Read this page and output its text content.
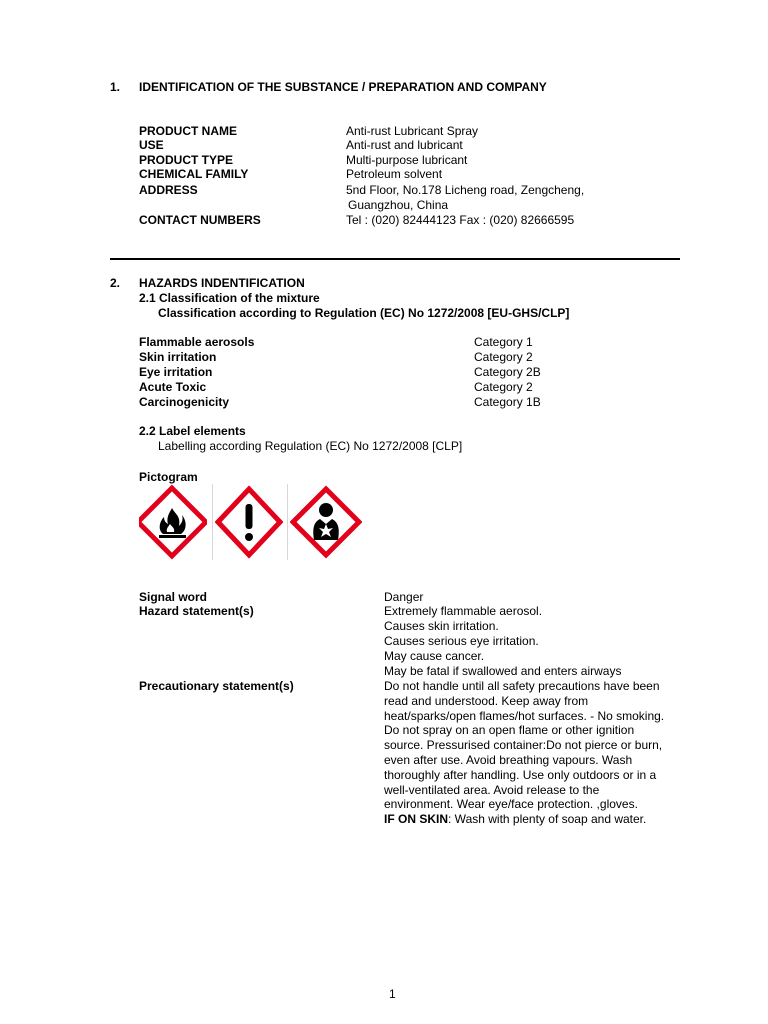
1. IDENTIFICATION OF THE SUBSTANCE / PREPARATION AND COMPANY
PRODUCT NAME	Anti-rust Lubricant Spray
USE	Anti-rust and lubricant
PRODUCT TYPE	Multi-purpose lubricant
CHEMICAL FAMILY	Petroleum solvent
ADDRESS	5nd Floor, No.178 Licheng road, Zengcheng,
Guangzhou, China
CONTACT NUMBERS	Tel : (020) 82444123 Fax : (020) 82666595
2. HAZARDS INDENTIFICATION
2.1 Classification of the mixture
Classification according to Regulation (EC) No 1272/2008 [EU-GHS/CLP]
Flammable aerosols	Category 1
Skin irritation	Category 2
Eye irritation	Category 2B
Acute Toxic	Category 2
Carcinogenicity	Category 1B
2.2 Label elements
Labelling according Regulation (EC) No 1272/2008 [CLP]
Pictogram
Signal word	Danger
Hazard statement(s)	Extremely flammable aerosol.
Causes skin irritation.
Causes serious eye irritation.
May cause cancer.
May be fatal if swallowed and enters airways
Precautionary statement(s)	Do not handle until all safety precautions have been
read and understood. Keep away from
heat/sparks/open flames/hot surfaces. - No smoking.
Do not spray on an open flame or other ignition
source. Pressurised container:Do not pierce or burn,
even after use. Avoid breathing vapours. Wash
thoroughly after handling. Use only outdoors or in a
well-ventilated area. Avoid release to the
environment. Wear eye/face protection. ,gloves.
IF ON SKIN: Wash with plenty of soap and water.
1
